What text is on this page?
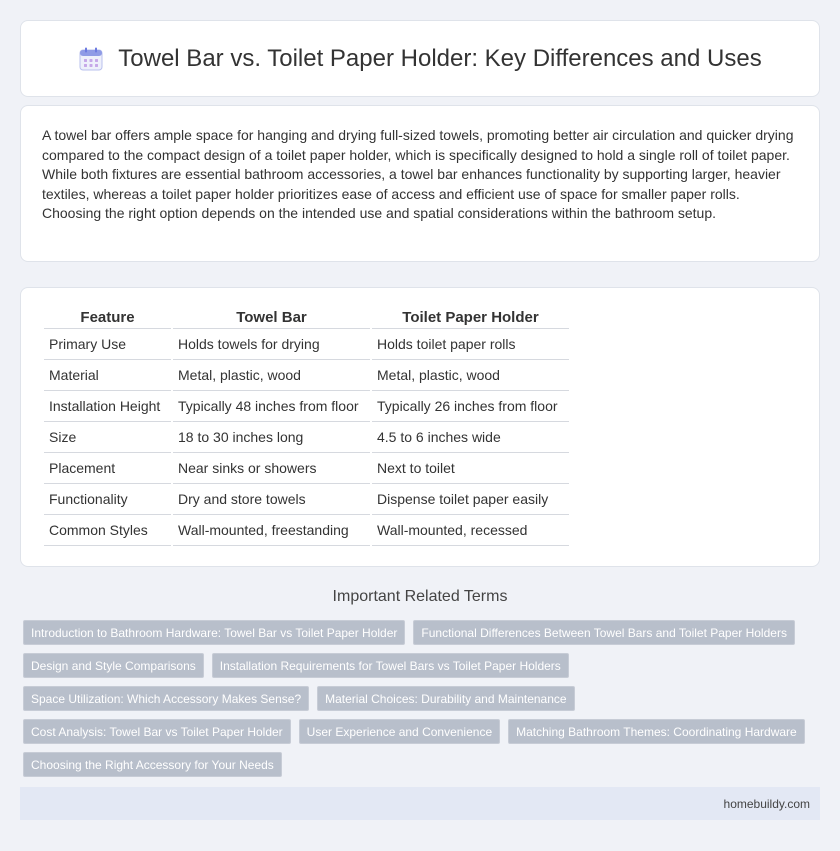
Towel Bar vs. Toilet Paper Holder: Key Differences and Uses

A towel bar offers ample space for hanging and drying full-sized towels, promoting better air circulation and quicker drying compared to the compact design of a toilet paper holder, which is specifically designed to hold a single roll of toilet paper. While both fixtures are essential bathroom accessories, a towel bar enhances functionality by supporting larger, heavier textiles, whereas a toilet paper holder prioritizes ease of access and efficient use of space for smaller paper rolls. Choosing the right option depends on the intended use and spatial considerations within the bathroom setup.

Feature	Towel Bar	Toilet Paper Holder
Primary Use	Holds towels for drying	Holds toilet paper rolls
Material	Metal, plastic, wood	Metal, plastic, wood
Installation Height	Typically 48 inches from floor	Typically 26 inches from floor
Size	18 to 30 inches long	4.5 to 6 inches wide
Placement	Near sinks or showers	Next to toilet
Functionality	Dry and store towels	Dispense toilet paper easily
Common Styles	Wall-mounted, freestanding	Wall-mounted, recessed
Important Related Terms
Introduction to Bathroom Hardware: Towel Bar vs Toilet Paper Holder	Functional Differences Between Towel Bars and Toilet Paper Holders
Design and Style Comparisons	Installation Requirements for Towel Bars vs Toilet Paper Holders
Space Utilization: Which Accessory Makes Sense?	Material Choices: Durability and Maintenance
Cost Analysis: Towel Bar vs Toilet Paper Holder	User Experience and Convenience	Matching Bathroom Themes: Coordinating Hardware
Choosing the Right Accessory for Your Needs
homebuildy.com
